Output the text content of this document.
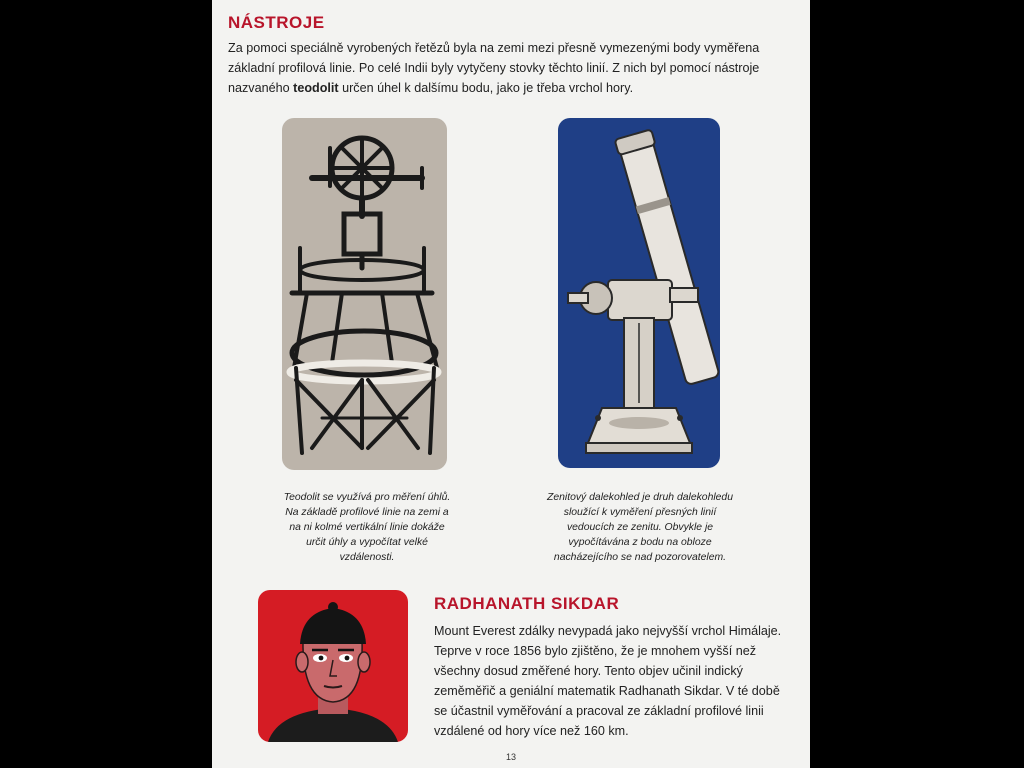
NÁSTROJE

Za pomoci speciálně vyrobených řetězů byla na zemi mezi přesně vymezenými body vyměřena základní profilová linie. Po celé Indii byly vytyčeny stovky těchto linií. Z nich byl pomocí nástroje nazvaného teodolit určen úhel k dalšímu bodu, jako je třeba vrchol hory.

Teodolit se využívá pro měření úhlů. Na základě profilové linie na zemi a na ni kolmé vertikální linie dokáže určit úhly a vypočítat velké vzdálenosti.

Zenitový dalekohled je druh dalekohledu sloužící k vyměření přesných linií vedoucích ze zenitu. Obvykle je vypočítávána z bodu na obloze nacházejícího se nad pozorovatelem.

RADHANATH SIKDAR

Mount Everest zdálky nevypadá jako nejvyšší vrchol Himálaje. Teprve v roce 1856 bylo zjištěno, že je mnohem vyšší než všechny dosud změřené hory. Tento objev učinil indický zeměměřič a geniální matematik Radhanath Sikdar. V té době se účastnil vyměřování a pracoval ze základní profilové linii vzdálené od hory více než 160 km.

13
